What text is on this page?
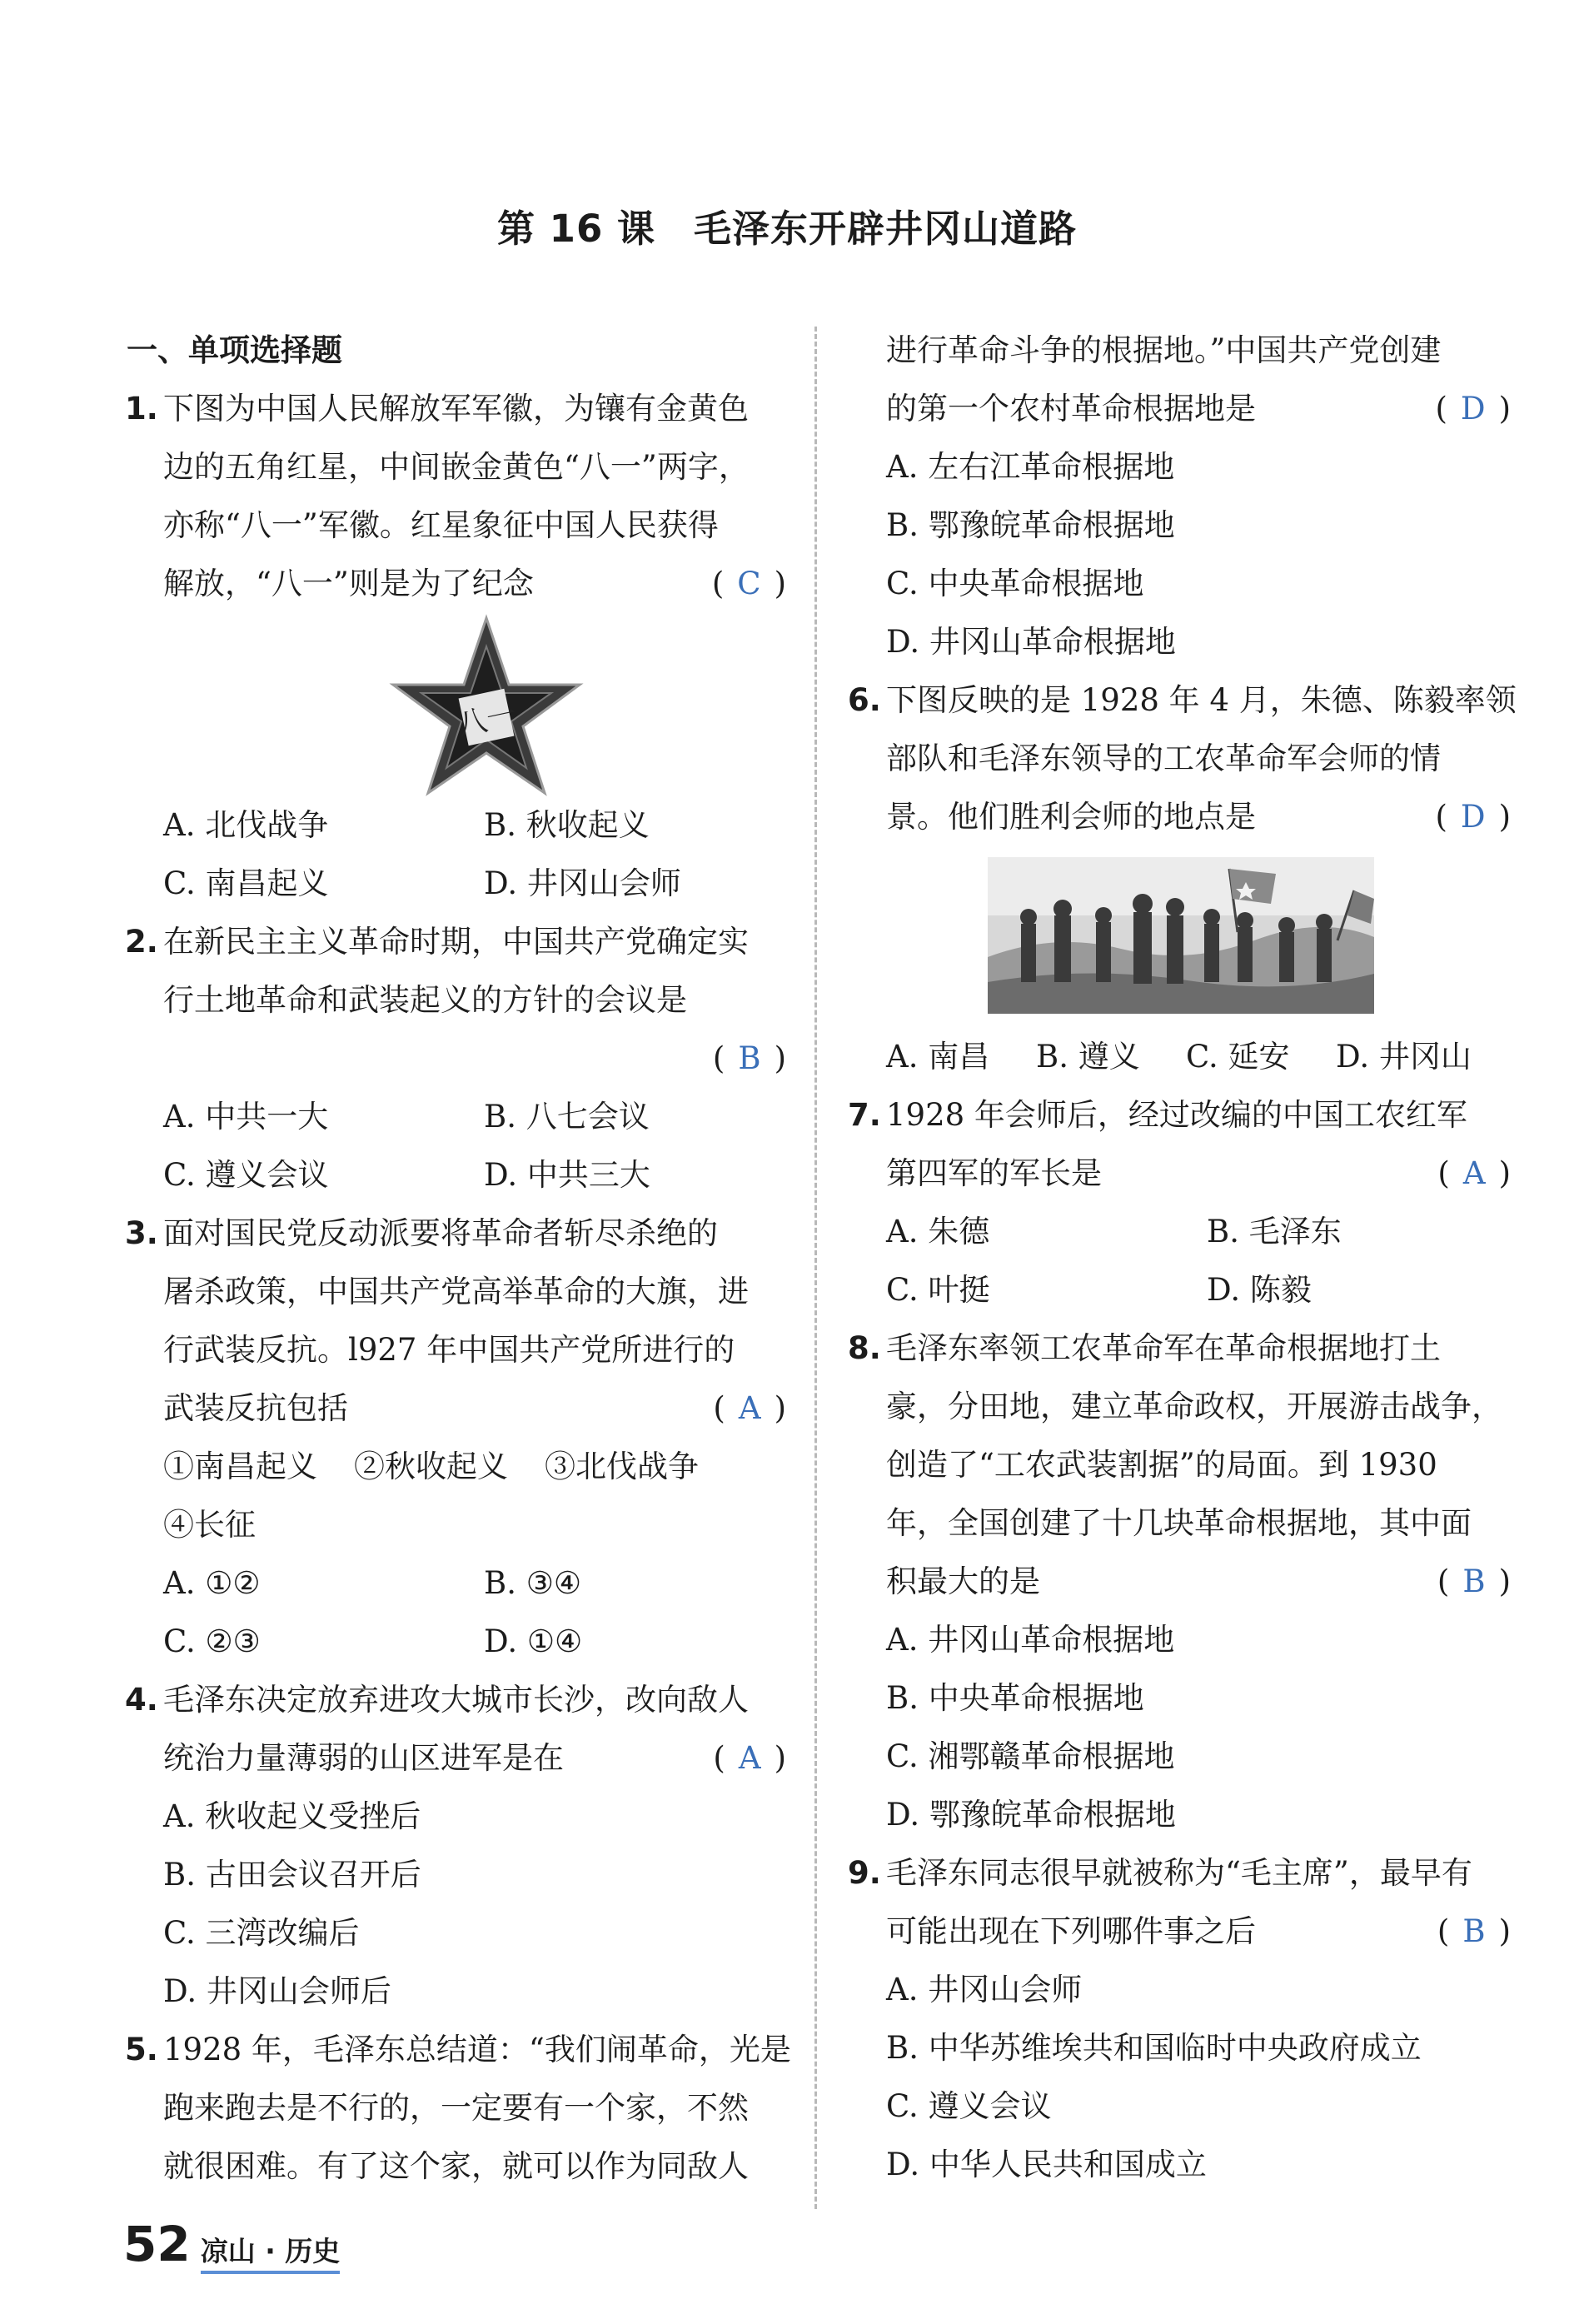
第 16 课　毛泽东开辟井冈山道路
一、单项选择题
1. 下图为中国人民解放军军徽，为镶有金黄色
边的五角红星，中间嵌金黄色“八一”两字，
亦称“八一”军徽。红星象征中国人民获得
解放，“八一”则是为了纪念	( C )
八一
A. 北伐战争	B. 秋收起义
C. 南昌起义	D. 井冈山会师
2. 在新民主主义革命时期，中国共产党确定实
行土地革命和武装起义的方针的会议是
( B )
A. 中共一大	B. 八七会议
C. 遵义会议	D. 中共三大
3. 面对国民党反动派要将革命者斩尽杀绝的
屠杀政策，中国共产党高举革命的大旗，进
行武装反抗。l927 年中国共产党所进行的
武装反抗包括	( A )
①南昌起义 ②秋收起义 ③北伐战争
④长征
A. ①②	B. ③④
C. ②③	D. ①④
4. 毛泽东决定放弃进攻大城市长沙，改向敌人
统治力量薄弱的山区进军是在	( A )
A. 秋收起义受挫后
B. 古田会议召开后
C. 三湾改编后
D. 井冈山会师后
5. 1928 年，毛泽东总结道：“我们闹革命，光是
跑来跑去是不行的，一定要有一个家，不然
就很困难。有了这个家，就可以作为同敌人
进行革命斗争的根据地。”中国共产党创建
的第一个农村革命根据地是	( D )
A. 左右江革命根据地
B. 鄂豫皖革命根据地
C. 中央革命根据地
D. 井冈山革命根据地
6. 下图反映的是 1928 年 4 月，朱德、陈毅率领
部队和毛泽东领导的工农革命军会师的情
景。他们胜利会师的地点是	( D )
A. 南昌	B. 遵义	C. 延安	D. 井冈山
7. 1928 年会师后，经过改编的中国工农红军
第四军的军长是	( A )
A. 朱德	B. 毛泽东
C. 叶挺	D. 陈毅
8. 毛泽东率领工农革命军在革命根据地打土
豪，分田地，建立革命政权，开展游击战争，
创造了“工农武装割据”的局面。到 1930
年，全国创建了十几块革命根据地，其中面
积最大的是	( B )
A. 井冈山革命根据地
B. 中央革命根据地
C. 湘鄂赣革命根据地
D. 鄂豫皖革命根据地
9. 毛泽东同志很早就被称为“毛主席”，最早有
可能出现在下列哪件事之后	( B )
A. 井冈山会师
B. 中华苏维埃共和国临时中央政府成立
C. 遵义会议
D. 中华人民共和国成立
52 凉山 · 历史
